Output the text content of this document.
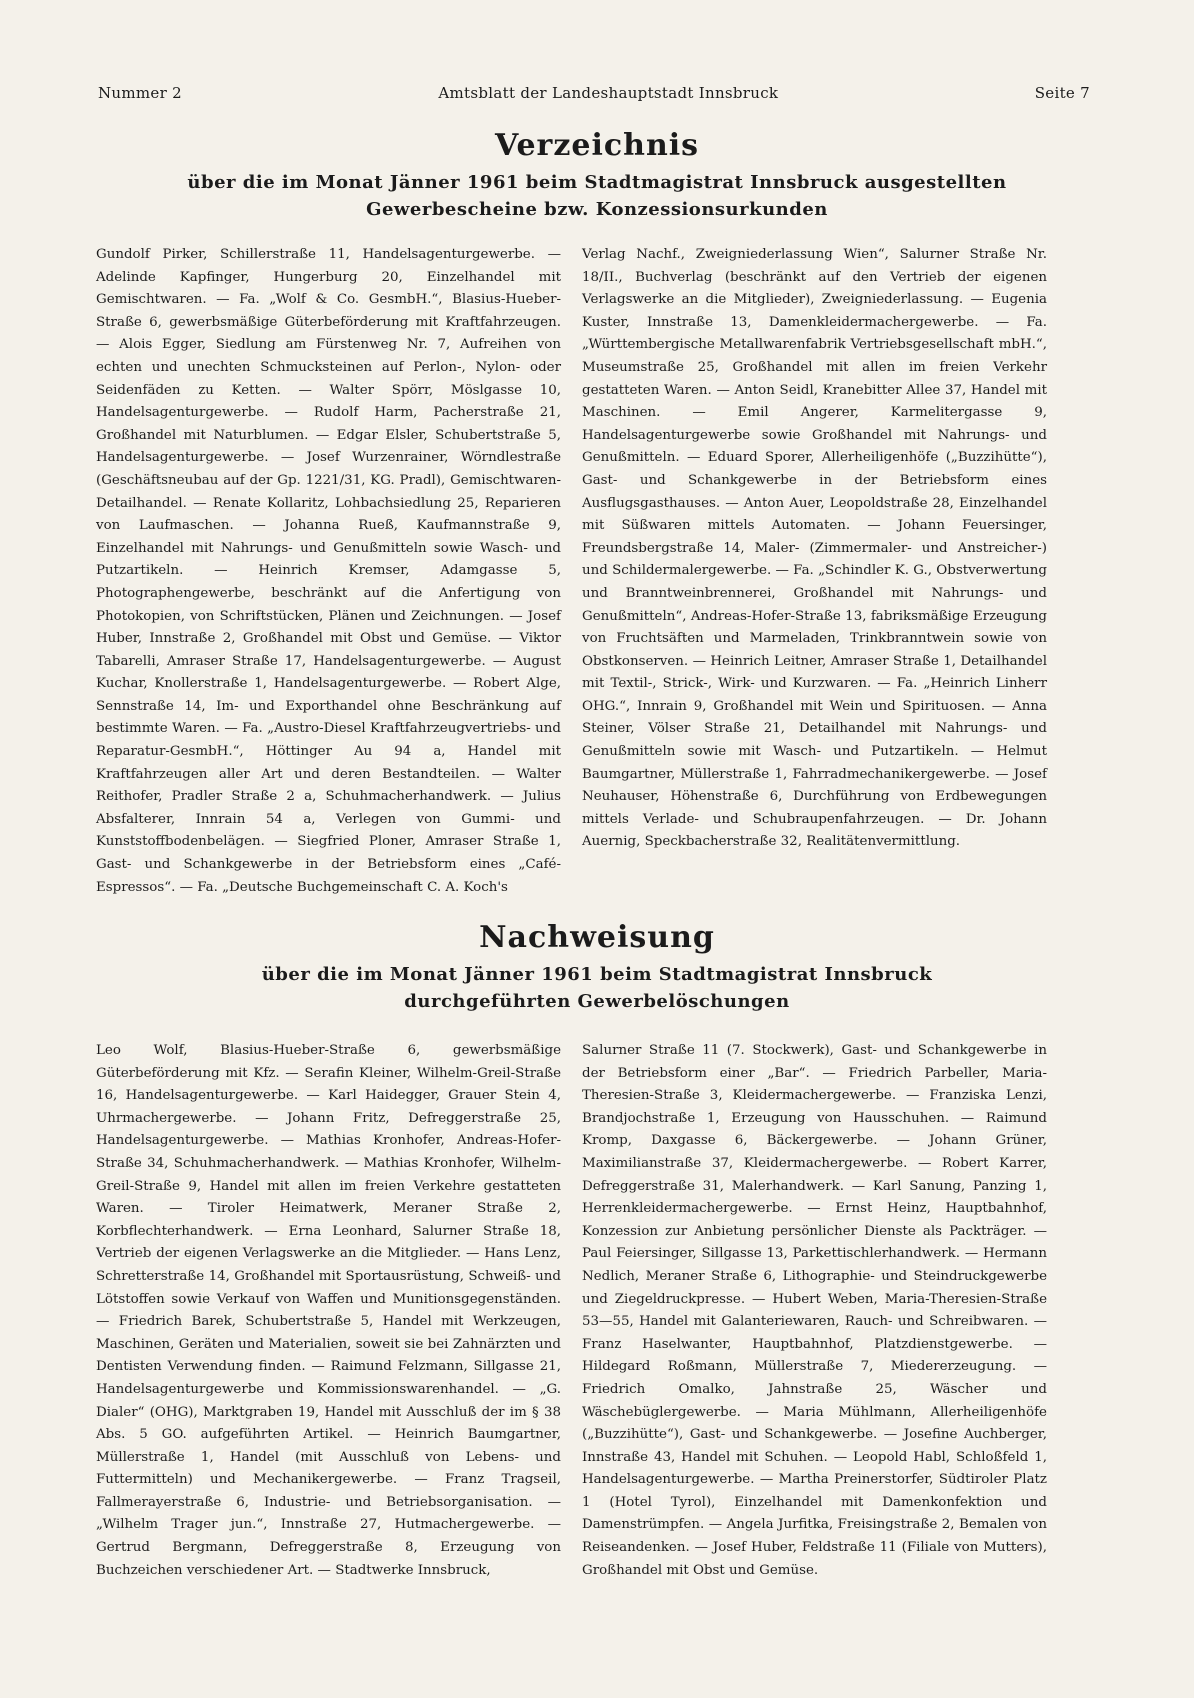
Nummer 2	Amtsblatt der Landeshauptstadt Innsbruck	Seite 7
Verzeichnis
über die im Monat Jänner 1961 beim Stadtmagistrat Innsbruck ausgestellten
Gewerbescheine bzw. Konzessionsurkunden
Gundolf Pirker, Schillerstraße 11, Handelsagenturgewerbe. — Adelinde Kapfinger, Hungerburg 20, Einzelhandel mit Gemischtwaren. — Fa. „Wolf & Co. GesmbH.“, Blasius-Hueber-Straße 6, gewerbsmäßige Güterbeförderung mit Kraftfahrzeugen. — Alois Egger, Siedlung am Fürstenweg Nr. 7, Aufreihen von echten und unechten Schmucksteinen auf Perlon-, Nylon- oder Seidenfäden zu Ketten. — Walter Spörr, Möslgasse 10, Handelsagenturgewerbe. — Rudolf Harm, Pacherstraße 21, Großhandel mit Naturblumen. — Edgar Elsler, Schubertstraße 5, Handelsagenturgewerbe. — Josef Wurzenrainer, Wörndlestraße (Geschäftsneubau auf der Gp. 1221/31, KG. Pradl), Gemischtwaren-Detailhandel. — Renate Kollaritz, Lohbachsiedlung 25, Reparieren von Laufmaschen. — Johanna Rueß, Kaufmannstraße 9, Einzelhandel mit Nahrungs- und Genußmitteln sowie Wasch- und Putzartikeln. — Heinrich Kremser, Adamgasse 5, Photographengewerbe, beschränkt auf die Anfertigung von Photokopien, von Schriftstücken, Plänen und Zeichnungen. — Josef Huber, Innstraße 2, Großhandel mit Obst und Gemüse. — Viktor Tabarelli, Amraser Straße 17, Handelsagenturgewerbe. — August Kuchar, Knollerstraße 1, Handelsagenturgewerbe. — Robert Alge, Sennstraße 14, Im- und Exporthandel ohne Beschränkung auf bestimmte Waren. — Fa. „Austro-Diesel Kraftfahrzeugvertriebs- und Reparatur-GesmbH.“, Höttinger Au 94 a, Handel mit Kraftfahrzeugen aller Art und deren Bestandteilen. — Walter Reithofer, Pradler Straße 2 a, Schuhmacherhandwerk. — Julius Absfalterer, Innrain 54 a, Verlegen von Gummi- und Kunststoffbodenbelägen. — Siegfried Ploner, Amraser Straße 1, Gast- und Schankgewerbe in der Betriebsform eines „Café-Espressos“. — Fa. „Deutsche Buchgemeinschaft C. A. Koch's
Verlag Nachf., Zweigniederlassung Wien“, Salurner Straße Nr. 18/II., Buchverlag (beschränkt auf den Vertrieb der eigenen Verlagswerke an die Mitglieder), Zweigniederlassung. — Eugenia Kuster, Innstraße 13, Damenkleidermachergewerbe. — Fa. „Württembergische Metallwarenfabrik Vertriebsgesellschaft mbH.“, Museumstraße 25, Großhandel mit allen im freien Verkehr gestatteten Waren. — Anton Seidl, Kranebitter Allee 37, Handel mit Maschinen. — Emil Angerer, Karmelitergasse 9, Handelsagenturgewerbe sowie Großhandel mit Nahrungs- und Genußmitteln. — Eduard Sporer, Allerheiligenhöfe („Buzzihütte“), Gast- und Schankgewerbe in der Betriebsform eines Ausflugsgasthauses. — Anton Auer, Leopoldstraße 28, Einzelhandel mit Süßwaren mittels Automaten. — Johann Feuersinger, Freundsbergstraße 14, Maler- (Zimmermaler- und Anstreicher-) und Schildermalergewerbe. — Fa. „Schindler K. G., Obstverwertung und Branntweinbrennerei, Großhandel mit Nahrungs- und Genußmitteln“, Andreas-Hofer-Straße 13, fabriksmäßige Erzeugung von Fruchtsäften und Marmeladen, Trinkbranntwein sowie von Obstkonserven. — Heinrich Leitner, Amraser Straße 1, Detailhandel mit Textil-, Strick-, Wirk- und Kurzwaren. — Fa. „Heinrich Linherr OHG.“, Innrain 9, Großhandel mit Wein und Spirituosen. — Anna Steiner, Völser Straße 21, Detailhandel mit Nahrungs- und Genußmitteln sowie mit Wasch- und Putzartikeln. — Helmut Baumgartner, Müllerstraße 1, Fahrradmechanikergewerbe. — Josef Neuhauser, Höhenstraße 6, Durchführung von Erdbewegungen mittels Verlade- und Schubraupenfahrzeugen. — Dr. Johann Auernig, Speckbacherstraße 32, Realitätenvermittlung.
Nachweisung
über die im Monat Jänner 1961 beim Stadtmagistrat Innsbruck
durchgeführten Gewerbelöschungen
Leo Wolf, Blasius-Hueber-Straße 6, gewerbsmäßige Güterbeförderung mit Kfz. — Serafin Kleiner, Wilhelm-Greil-Straße 16, Handelsagenturgewerbe. — Karl Haidegger, Grauer Stein 4, Uhrmachergewerbe. — Johann Fritz, Defreggerstraße 25, Handelsagenturgewerbe. — Mathias Kronhofer, Andreas-Hofer-Straße 34, Schuhmacherhandwerk. — Mathias Kronhofer, Wilhelm-Greil-Straße 9, Handel mit allen im freien Verkehre gestatteten Waren. — Tiroler Heimatwerk, Meraner Straße 2, Korbflechterhandwerk. — Erna Leonhard, Salurner Straße 18, Vertrieb der eigenen Verlagswerke an die Mitglieder. — Hans Lenz, Schretterstraße 14, Großhandel mit Sportausrüstung, Schweiß- und Lötstoffen sowie Verkauf von Waffen und Munitionsgegenständen. — Friedrich Barek, Schubertstraße 5, Handel mit Werkzeugen, Maschinen, Geräten und Materialien, soweit sie bei Zahnärzten und Dentisten Verwendung finden. — Raimund Felzmann, Sillgasse 21, Handelsagenturgewerbe und Kommissionswarenhandel. — „G. Dialer“ (OHG), Marktgraben 19, Handel mit Ausschluß der im § 38 Abs. 5 GO. aufgeführten Artikel. — Heinrich Baumgartner, Müllerstraße 1, Handel (mit Ausschluß von Lebens- und Futtermitteln) und Mechanikergewerbe. — Franz Tragseil, Fallmerayerstraße 6, Industrie- und Betriebsorganisation. — „Wilhelm Trager jun.“, Innstraße 27, Hutmachergewerbe. — Gertrud Bergmann, Defreggerstraße 8, Erzeugung von Buchzeichen verschiedener Art. — Stadtwerke Innsbruck,
Salurner Straße 11 (7. Stockwerk), Gast- und Schankgewerbe in der Betriebsform einer „Bar“. — Friedrich Parbeller, Maria-Theresien-Straße 3, Kleidermachergewerbe. — Franziska Lenzi, Brandjochstraße 1, Erzeugung von Hausschuhen. — Raimund Kromp, Daxgasse 6, Bäckergewerbe. — Johann Grüner, Maximilianstraße 37, Kleidermachergewerbe. — Robert Karrer, Defreggerstraße 31, Malerhandwerk. — Karl Sanung, Panzing 1, Herrenkleidermachergewerbe. — Ernst Heinz, Hauptbahnhof, Konzession zur Anbietung persönlicher Dienste als Packträger. — Paul Feiersinger, Sillgasse 13, Parkettischlerhandwerk. — Hermann Nedlich, Meraner Straße 6, Lithographie- und Steindruckgewerbe und Ziegeldruckpresse. — Hubert Weben, Maria-Theresien-Straße 53—55, Handel mit Galanteriewaren, Rauch- und Schreibwaren. — Franz Haselwanter, Hauptbahnhof, Platzdienstgewerbe. — Hildegard Roßmann, Müllerstraße 7, Miedererzeugung. — Friedrich Omalko, Jahnstraße 25, Wäscher und Wäschebüglergewerbe. — Maria Mühlmann, Allerheiligenhöfe („Buzzihütte“), Gast- und Schankgewerbe. — Josefine Auchberger, Innstraße 43, Handel mit Schuhen. — Leopold Habl, Schloßfeld 1, Handelsagenturgewerbe. — Martha Preinerstorfer, Südtiroler Platz 1 (Hotel Tyrol), Einzelhandel mit Damenkonfektion und Damenstrümpfen. — Angela Jurfitka, Freisingstraße 2, Bemalen von Reiseandenken. — Josef Huber, Feldstraße 11 (Filiale von Mutters), Großhandel mit Obst und Gemüse.
